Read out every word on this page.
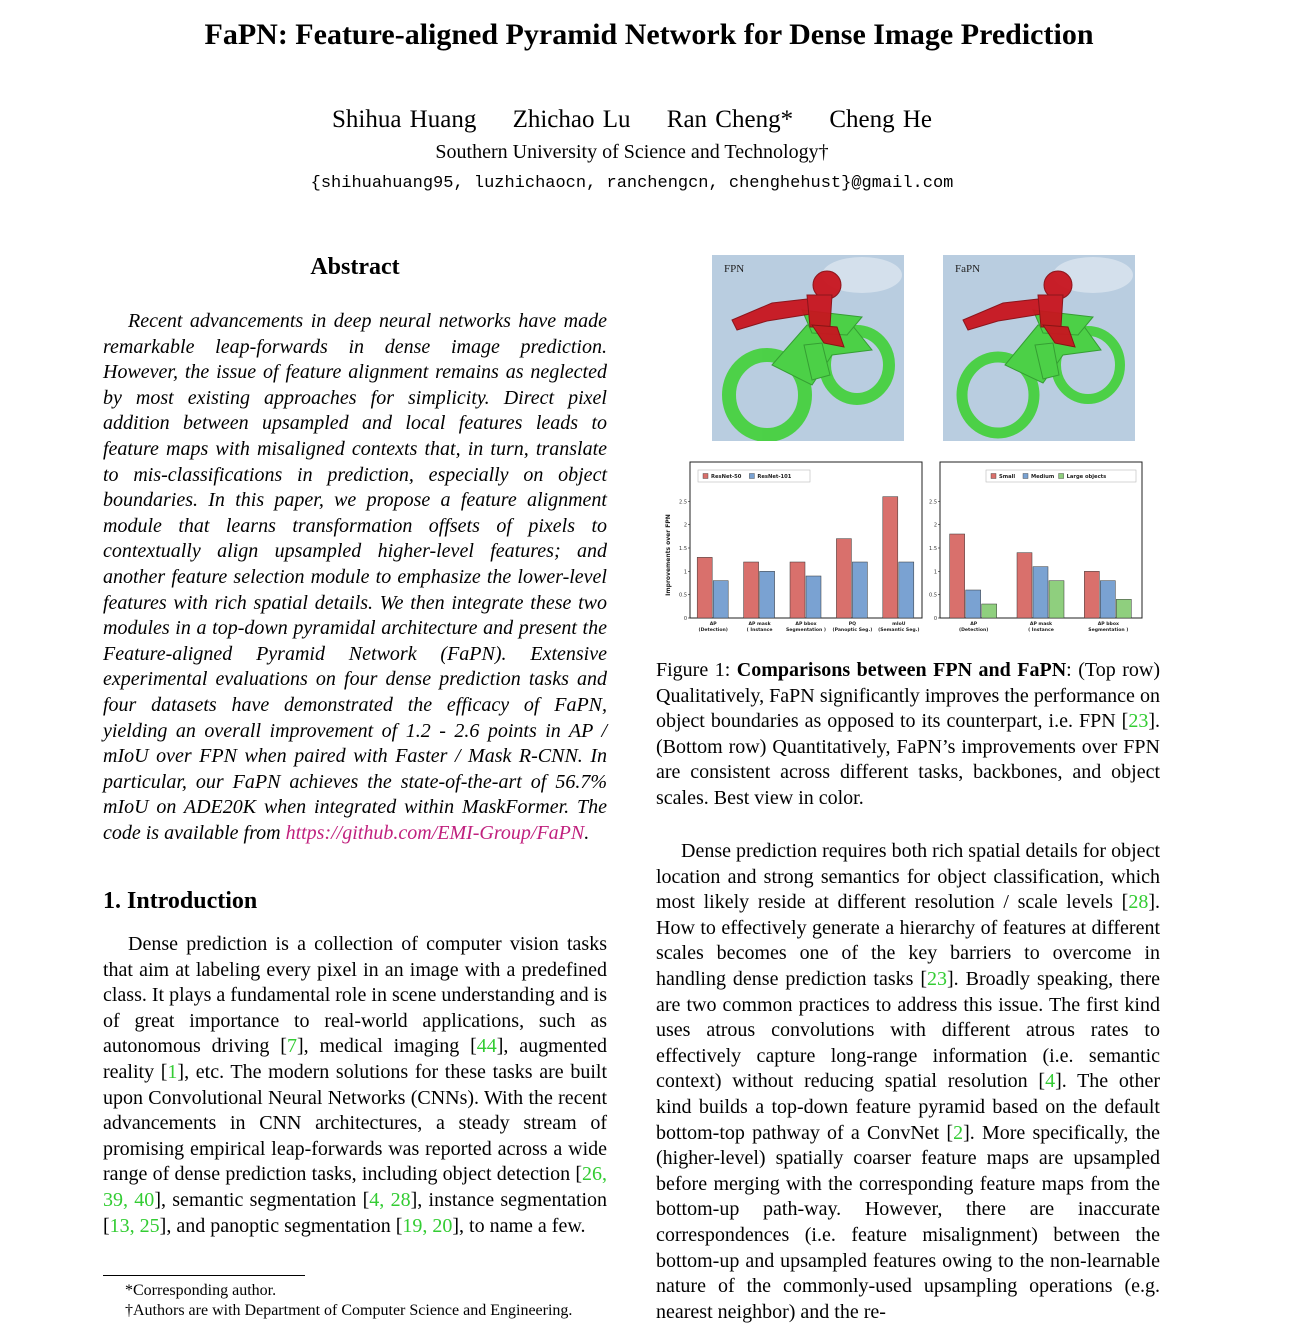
FaPN: Feature-aligned Pyramid Network for Dense Image Prediction
Shihua Huang Zhichao Lu Ran Cheng* Cheng He
Southern University of Science and Technology†
{shihuahuang95, luzhichaocn, ranchengcn, chenghehust}@gmail.com
Abstract
Recent advancements in deep neural networks have made remarkable leap-forwards in dense image prediction. However, the issue of feature alignment remains as neglected by most existing approaches for simplicity. Direct pixel addition between upsampled and local features leads to feature maps with misaligned contexts that, in turn, translate to mis-classifications in prediction, especially on object boundaries. In this paper, we propose a feature alignment module that learns transformation offsets of pixels to contextually align upsampled higher-level features; and another feature selection module to emphasize the lower-level features with rich spatial details. We then integrate these two modules in a top-down pyramidal architecture and present the Feature-aligned Pyramid Network (FaPN). Extensive experimental evaluations on four dense prediction tasks and four datasets have demonstrated the efficacy of FaPN, yielding an overall improvement of 1.2 - 2.6 points in AP / mIoU over FPN when paired with Faster / Mask R-CNN. In particular, our FaPN achieves the state-of-the-art of 56.7% mIoU on ADE20K when integrated within MaskFormer. The code is available from https://github.com/EMI-Group/FaPN.
1. Introduction
Dense prediction is a collection of computer vision tasks that aim at labeling every pixel in an image with a predefined class. It plays a fundamental role in scene understanding and is of great importance to real-world applications, such as autonomous driving [7], medical imaging [44], augmented reality [1], etc. The modern solutions for these tasks are built upon Convolutional Neural Networks (CNNs). With the recent advancements in CNN architectures, a steady stream of promising empirical leap-forwards was reported across a wide range of dense prediction tasks, including object detection [26, 39, 40], semantic segmentation [4, 28], instance segmentation [13, 25], and panoptic segmentation [19, 20], to name a few.
*Corresponding author.
†Authors are with Department of Computer Science and Engineering.
FPN	FaPN
0
0.5
1
1.5
2
2.5
Improvements over FPN
AP
(Detection)
AP mask
( Instance
AP bbox
Segmentation )
PQ
(Panoptic Seg.)
mIoU
(Semantic Seg.)
ResNet-50	ResNet-101
0
0.5
1
1.5
2
2.5
AP
(Detection)
AP mask
( Instance
AP bbox
Segmentation )
Small	Medium Large objects
Figure 1: Comparisons between FPN and FaPN: (Top row) Qualitatively, FaPN significantly improves the performance on object boundaries as opposed to its counterpart, i.e. FPN [23]. (Bottom row) Quantitatively, FaPN’s improvements over FPN are consistent across different tasks, backbones, and object scales. Best view in color.
Dense prediction requires both rich spatial details for object location and strong semantics for object classification, which most likely reside at different resolution / scale levels [28]. How to effectively generate a hierarchy of features at different scales becomes one of the key barriers to overcome in handling dense prediction tasks [23]. Broadly speaking, there are two common practices to address this issue. The first kind uses atrous convolutions with different atrous rates to effectively capture long-range information (i.e. semantic context) without reducing spatial resolution [4]. The other kind builds a top-down feature pyramid based on the default bottom-top pathway of a ConvNet [2]. More specifically, the (higher-level) spatially coarser feature maps are upsampled before merging with the corresponding feature maps from the bottom-up path-way. However, there are inaccurate correspondences (i.e. feature misalignment) between the bottom-up and upsampled features owing to the non-learnable nature of the commonly-used upsampling operations (e.g. nearest neighbor) and the re-
